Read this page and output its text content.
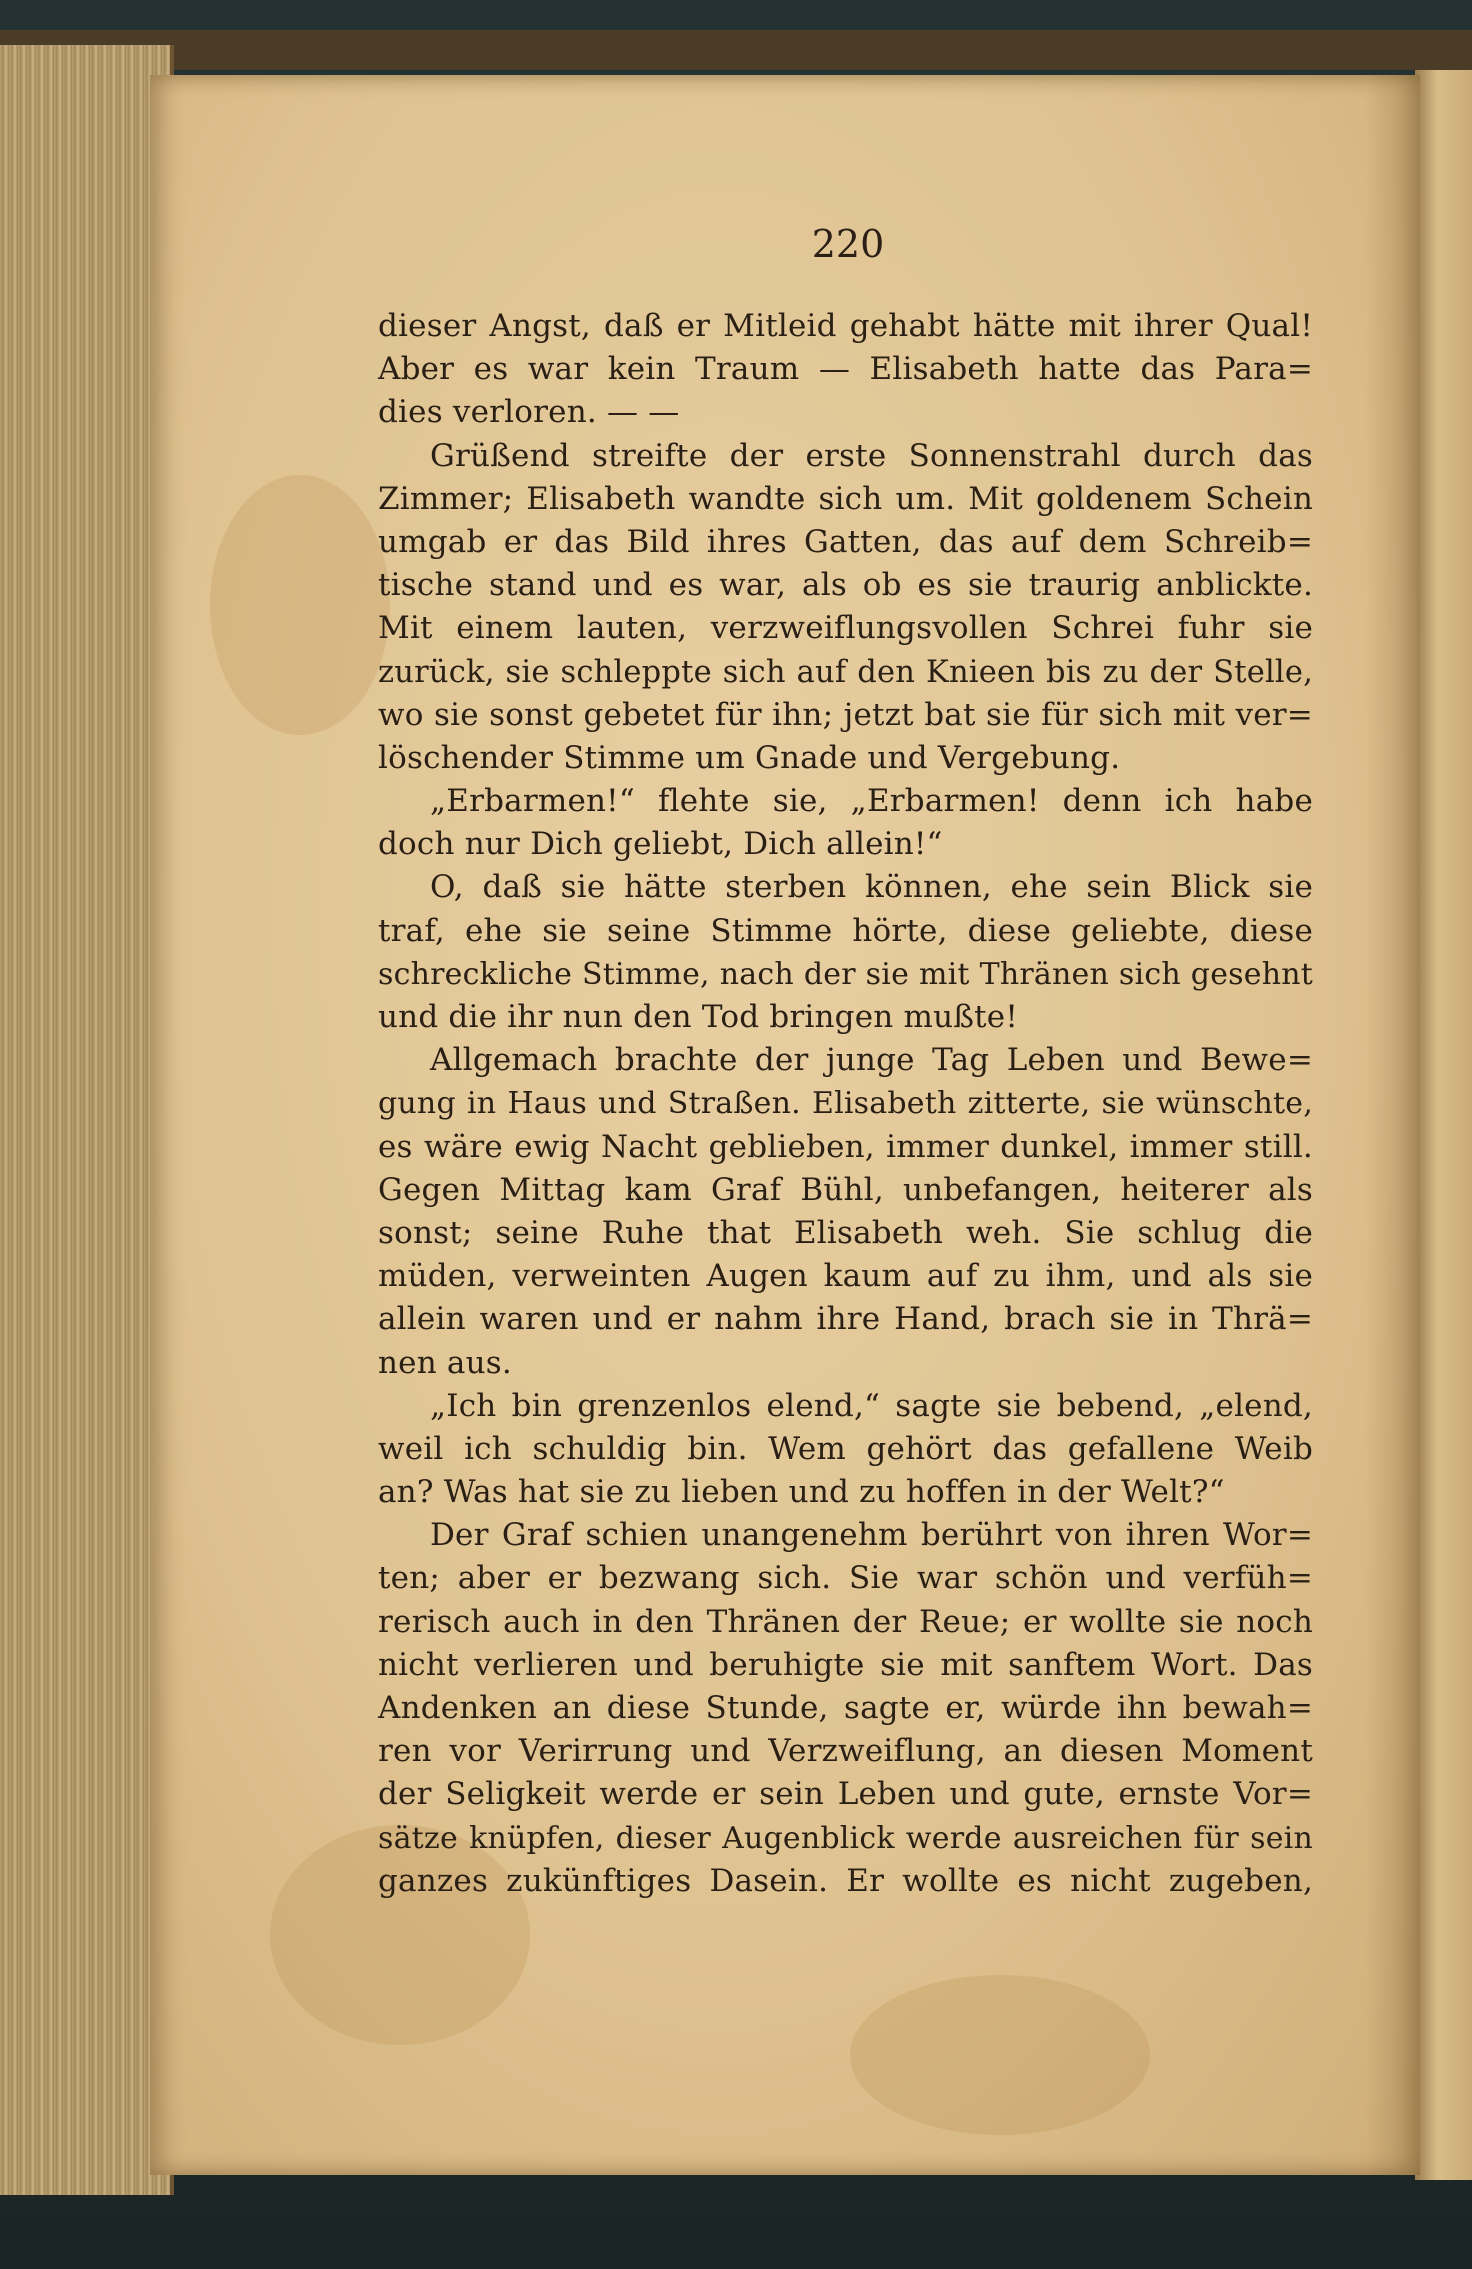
220
dieser Angst, daß er Mitleid gehabt hätte mit ihrer Qual!
Aber es war kein Traum — Elisabeth hatte das Para=
dies verloren. — —
Grüßend streifte der erste Sonnenstrahl durch das
Zimmer; Elisabeth wandte sich um. Mit goldenem Schein
umgab er das Bild ihres Gatten, das auf dem Schreib=
tische stand und es war, als ob es sie traurig anblickte.
Mit einem lauten, verzweiflungsvollen Schrei fuhr sie
zurück, sie schleppte sich auf den Knieen bis zu der Stelle,
wo sie sonst gebetet für ihn; jetzt bat sie für sich mit ver=
löschender Stimme um Gnade und Vergebung.
„Erbarmen!“ flehte sie, „Erbarmen! denn ich habe
doch nur Dich geliebt, Dich allein!“
O, daß sie hätte sterben können, ehe sein Blick sie
traf, ehe sie seine Stimme hörte, diese geliebte, diese
schreckliche Stimme, nach der sie mit Thränen sich gesehnt
und die ihr nun den Tod bringen mußte!
Allgemach brachte der junge Tag Leben und Bewe=
gung in Haus und Straßen. Elisabeth zitterte, sie wünschte,
es wäre ewig Nacht geblieben, immer dunkel, immer still.
Gegen Mittag kam Graf Bühl, unbefangen, heiterer als
sonst; seine Ruhe that Elisabeth weh. Sie schlug die
müden, verweinten Augen kaum auf zu ihm, und als sie
allein waren und er nahm ihre Hand, brach sie in Thrä=
nen aus.
„Ich bin grenzenlos elend,“ sagte sie bebend, „elend,
weil ich schuldig bin. Wem gehört das gefallene Weib
an? Was hat sie zu lieben und zu hoffen in der Welt?“
Der Graf schien unangenehm berührt von ihren Wor=
ten; aber er bezwang sich. Sie war schön und verfüh=
rerisch auch in den Thränen der Reue; er wollte sie noch
nicht verlieren und beruhigte sie mit sanftem Wort. Das
Andenken an diese Stunde, sagte er, würde ihn bewah=
ren vor Verirrung und Verzweiflung, an diesen Moment
der Seligkeit werde er sein Leben und gute, ernste Vor=
sätze knüpfen, dieser Augenblick werde ausreichen für sein
ganzes zukünftiges Dasein. Er wollte es nicht zugeben,
